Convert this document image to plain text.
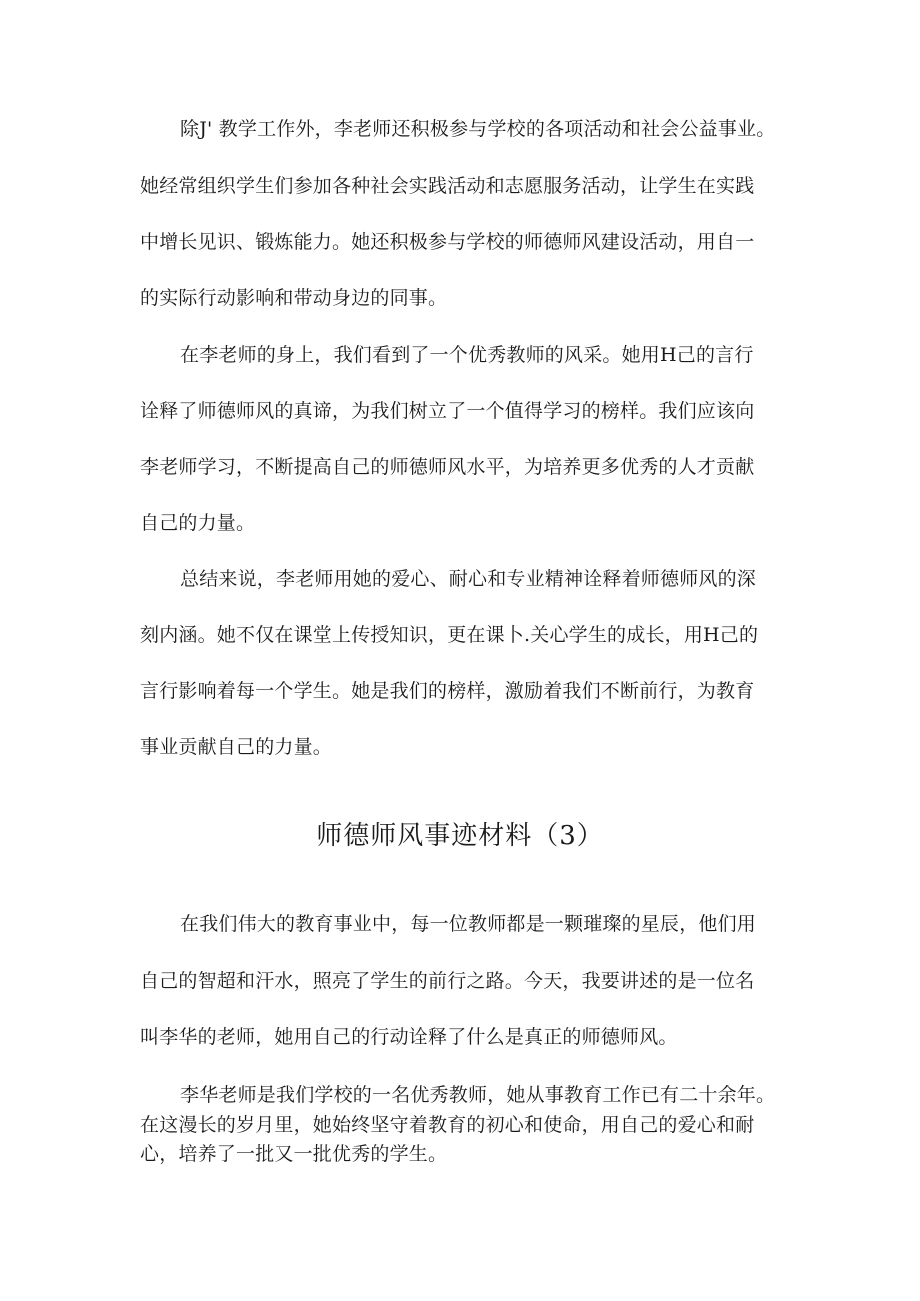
除J' 教学工作外，李老师还积极参与学校的各项活动和社会公益事业。
她经常组织学生们参加各种社会实践活动和志愿服务活动，让学生在实践
中增长见识、锻炼能力。她还积极参与学校的师德师风建设活动，用自一
的实际行动影响和带动身边的同事。
在李老师的身上，我们看到了一个优秀教师的风采。她用H己的言行
诠释了师德师风的真谛，为我们树立了一个值得学习的榜样。我们应该向
李老师学习，不断提高自己的师德师风水平，为培养更多优秀的人才贡献
自己的力量。
总结来说，李老师用她的爱心、耐心和专业精神诠释着师德师风的深
刻内涵。她不仅在课堂上传授知识，更在课卜.关心学生的成长，用H己的
言行影响着每一个学生。她是我们的榜样，激励着我们不断前行，为教育
事业贡献自己的力量。
师德师风事迹材料（3）
在我们伟大的教育事业中，每一位教师都是一颗璀璨的星辰，他们用
自己的智超和汗水，照亮了学生的前行之路。今天，我要讲述的是一位名
叫李华的老师，她用自己的行动诠释了什么是真正的师德师风。
李华老师是我们学校的一名优秀教师，她从事教育工作已有二十余年。
在这漫长的岁月里，她始终坚守着教育的初心和使命，用自己的爱心和耐
心，培养了一批又一批优秀的学生。
